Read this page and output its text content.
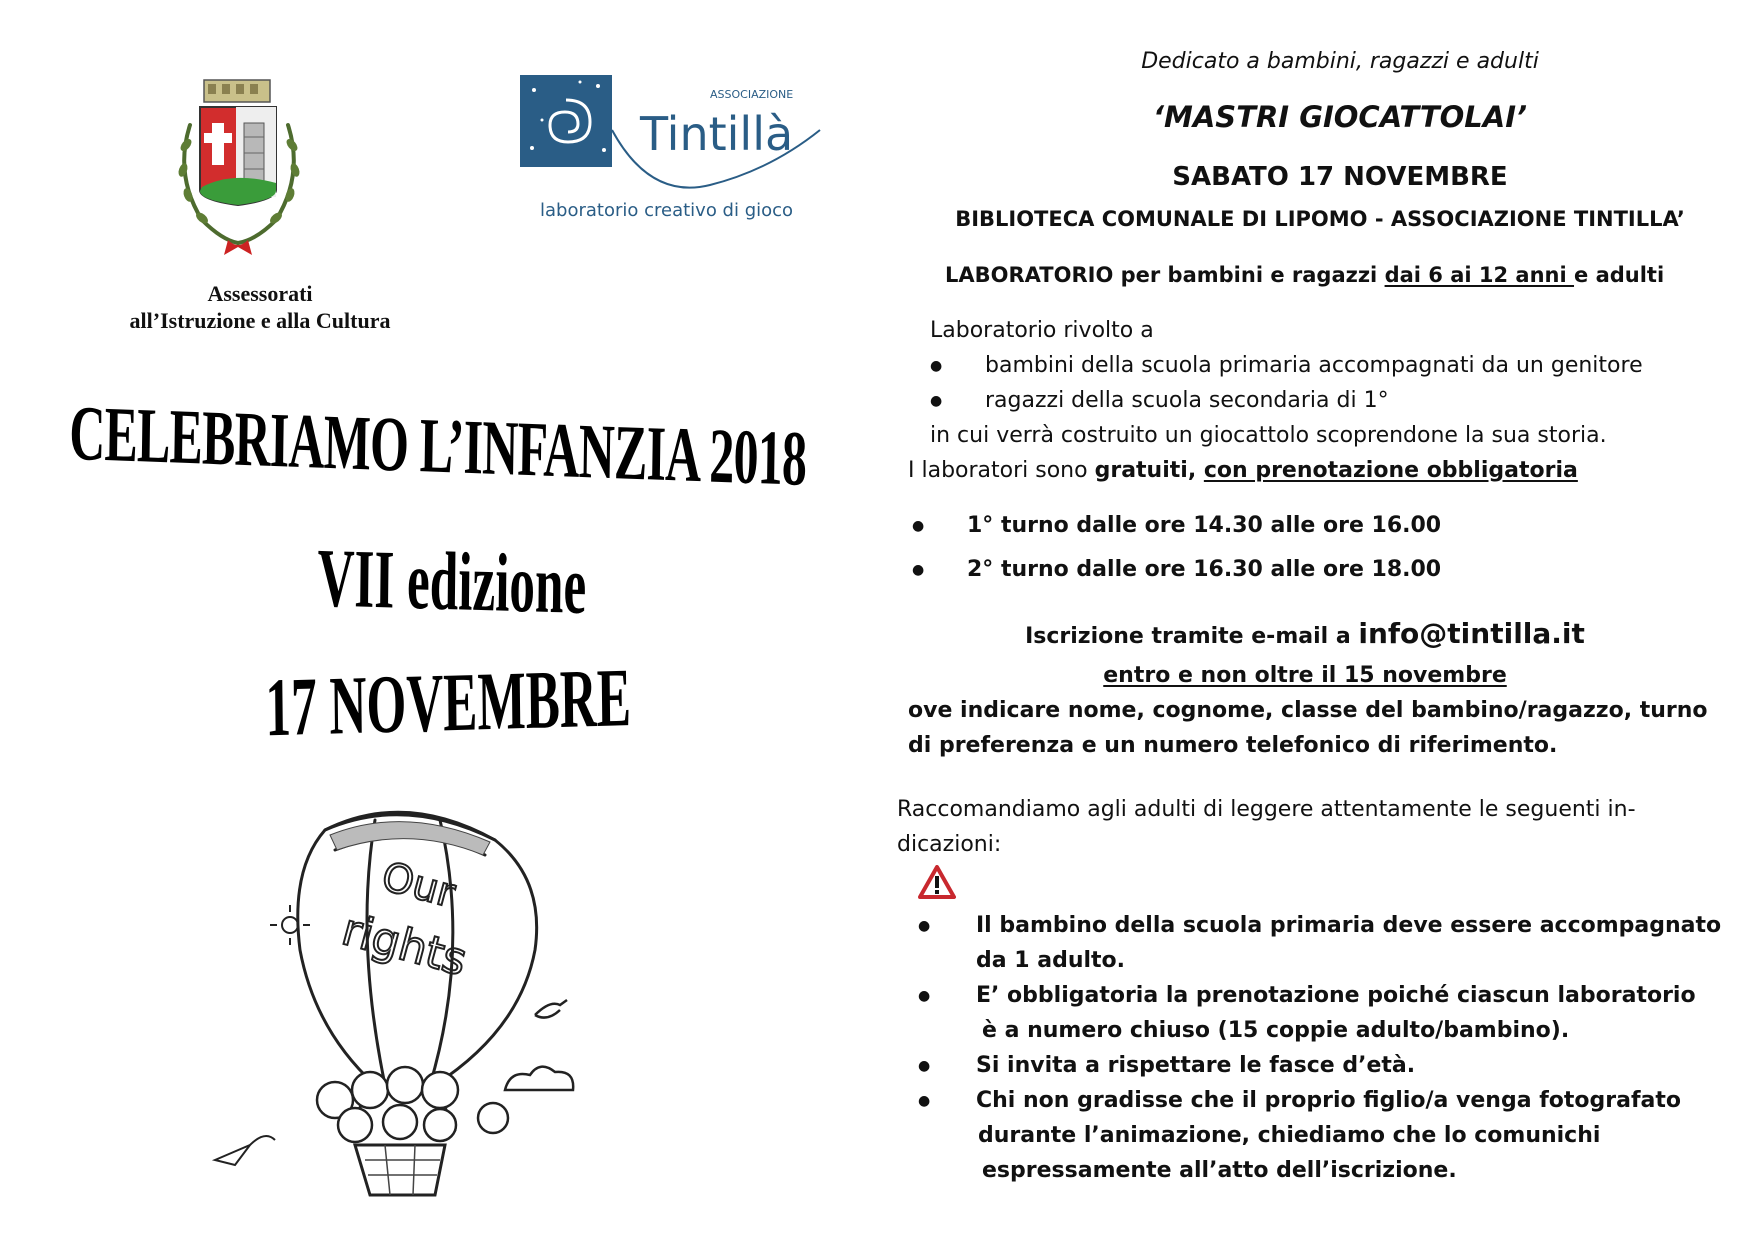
Assessorati
all’Istruzione e alla Cultura
ASSOCIAZIONE
Tintillà
laboratorio creativo di gioco
CELEBRIAMO L’INFANZIA 2018
VII edizione
17 NOVEMBRE
Our
rights
Dedicato a bambini, ragazzi e adulti
‘MASTRI GIOCATTOLAI’
SABATO 17 NOVEMBRE
BIBLIOTECA COMUNALE DI LIPOMO - ASSOCIAZIONE TINTILLA’
LABORATORIO per bambini e ragazzi dai 6 ai 12 anni e adulti
Laboratorio rivolto a
●	bambini della scuola primaria accompagnati da un genitore
●	ragazzi della scuola secondaria di 1°
in cui verrà costruito un giocattolo scoprendone la sua storia.
I laboratori sono gratuiti, con prenotazione obbligatoria
●	1° turno dalle ore 14.30 alle ore 16.00
●	2° turno dalle ore 16.30 alle ore 18.00
Iscrizione tramite e-mail a info@tintilla.it
entro e non oltre il 15 novembre
ove indicare nome, cognome, classe del bambino/ragazzo, turno
di preferenza e un numero telefonico di riferimento.
Raccomandiamo agli adulti di leggere attentamente le seguenti in-
dicazioni:
●	Il bambino della scuola primaria deve essere accompagnato
da 1 adulto.
●	E’ obbligatoria la prenotazione poiché ciascun laboratorio
è a numero chiuso (15 coppie adulto/bambino).
●	Si invita a rispettare le fasce d’età.
●	Chi non gradisse che il proprio figlio/a venga fotografato
durante l’animazione, chiediamo che lo comunichi
espressamente all’atto dell’iscrizione.
